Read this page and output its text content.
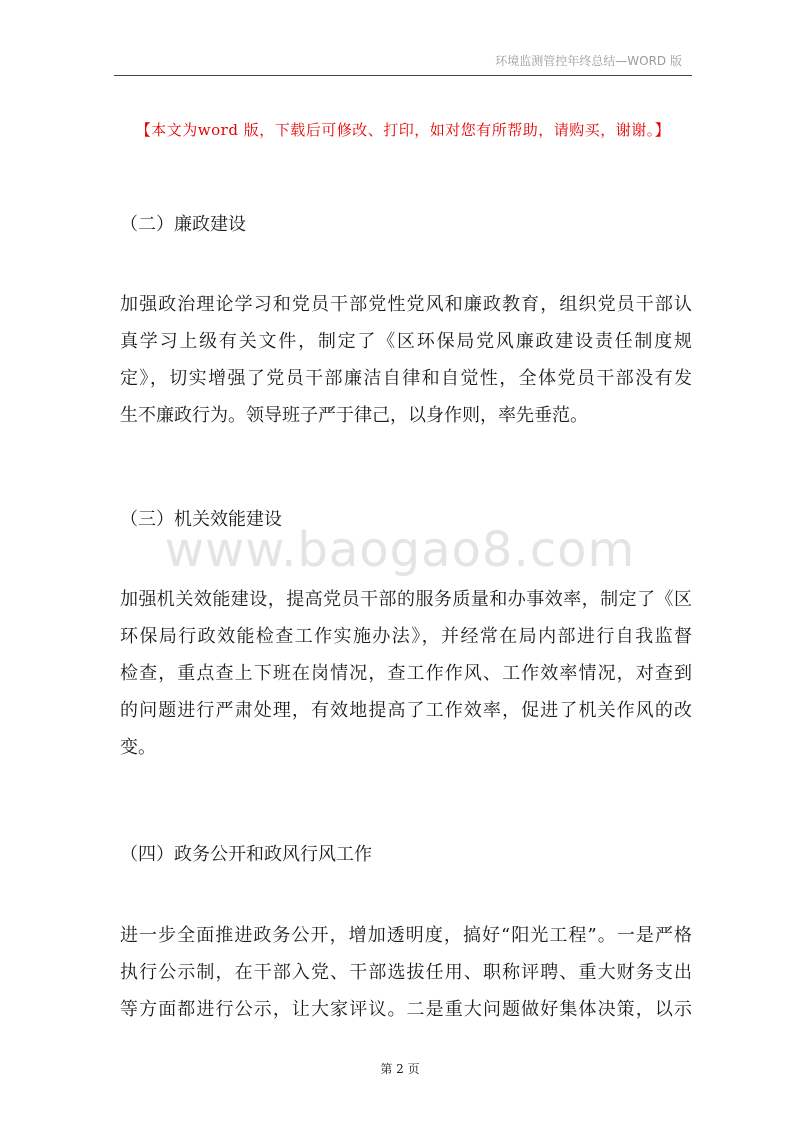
环境监测管控年终总结—WORD 版
【本文为word 版，下载后可修改、打印，如对您有所帮助，请购买，谢谢。】
www.baogao8.com
（二）廉政建设
加强政治理论学习和党员干部党性党风和廉政教育，组织党员干部认
真学习上级有关文件，制定了《区环保局党风廉政建设责任制度规
定》，切实增强了党员干部廉洁自律和自觉性，全体党员干部没有发
生不廉政行为。领导班子严于律己，以身作则，率先垂范。
（三）机关效能建设
加强机关效能建设，提高党员干部的服务质量和办事效率，制定了《区
环保局行政效能检查工作实施办法》，并经常在局内部进行自我监督
检查，重点查上下班在岗情况，查工作作风、工作效率情况，对查到
的问题进行严肃处理，有效地提高了工作效率，促进了机关作风的改
变。
（四）政务公开和政风行风工作
进一步全面推进政务公开，增加透明度，搞好“阳光工程”。一是严格
执行公示制，在干部入党、干部选拔任用、职称评聘、重大财务支出
等方面都进行公示，让大家评议。二是重大问题做好集体决策，以示
第 2 页
